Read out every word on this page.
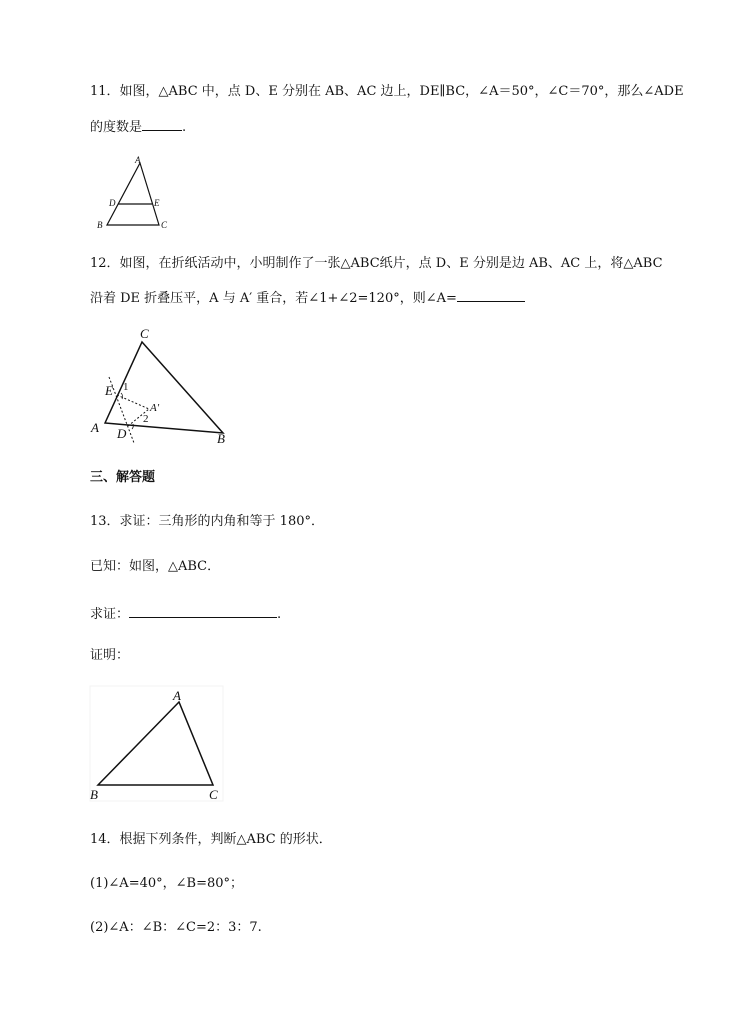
11．如图，△ABC 中，点 D、E 分别在 AB、AC 边上，DE∥BC，∠A＝50°，∠C＝70°，那么∠ADE
的度数是	.
A
B	C
D	E
12．如图，在折纸活动中，小明制作了一张△ABC纸片，点 D、E 分别是边 AB、AC 上，将△ABC
沿着 DE 折叠压平，A 与 A′ 重合，若∠1+∠2=120°，则∠A=
C
A
B
E
D
A′
1
2
三、解答题
13．求证：三角形的内角和等于 180°．
已知：如图，△ABC．
求证：	.
证明：
A
B	C
14．根据下列条件，判断△ABC 的形状．
(1)∠A=40°，∠B=80°；
(2)∠A：∠B：∠C=2：3：7.
